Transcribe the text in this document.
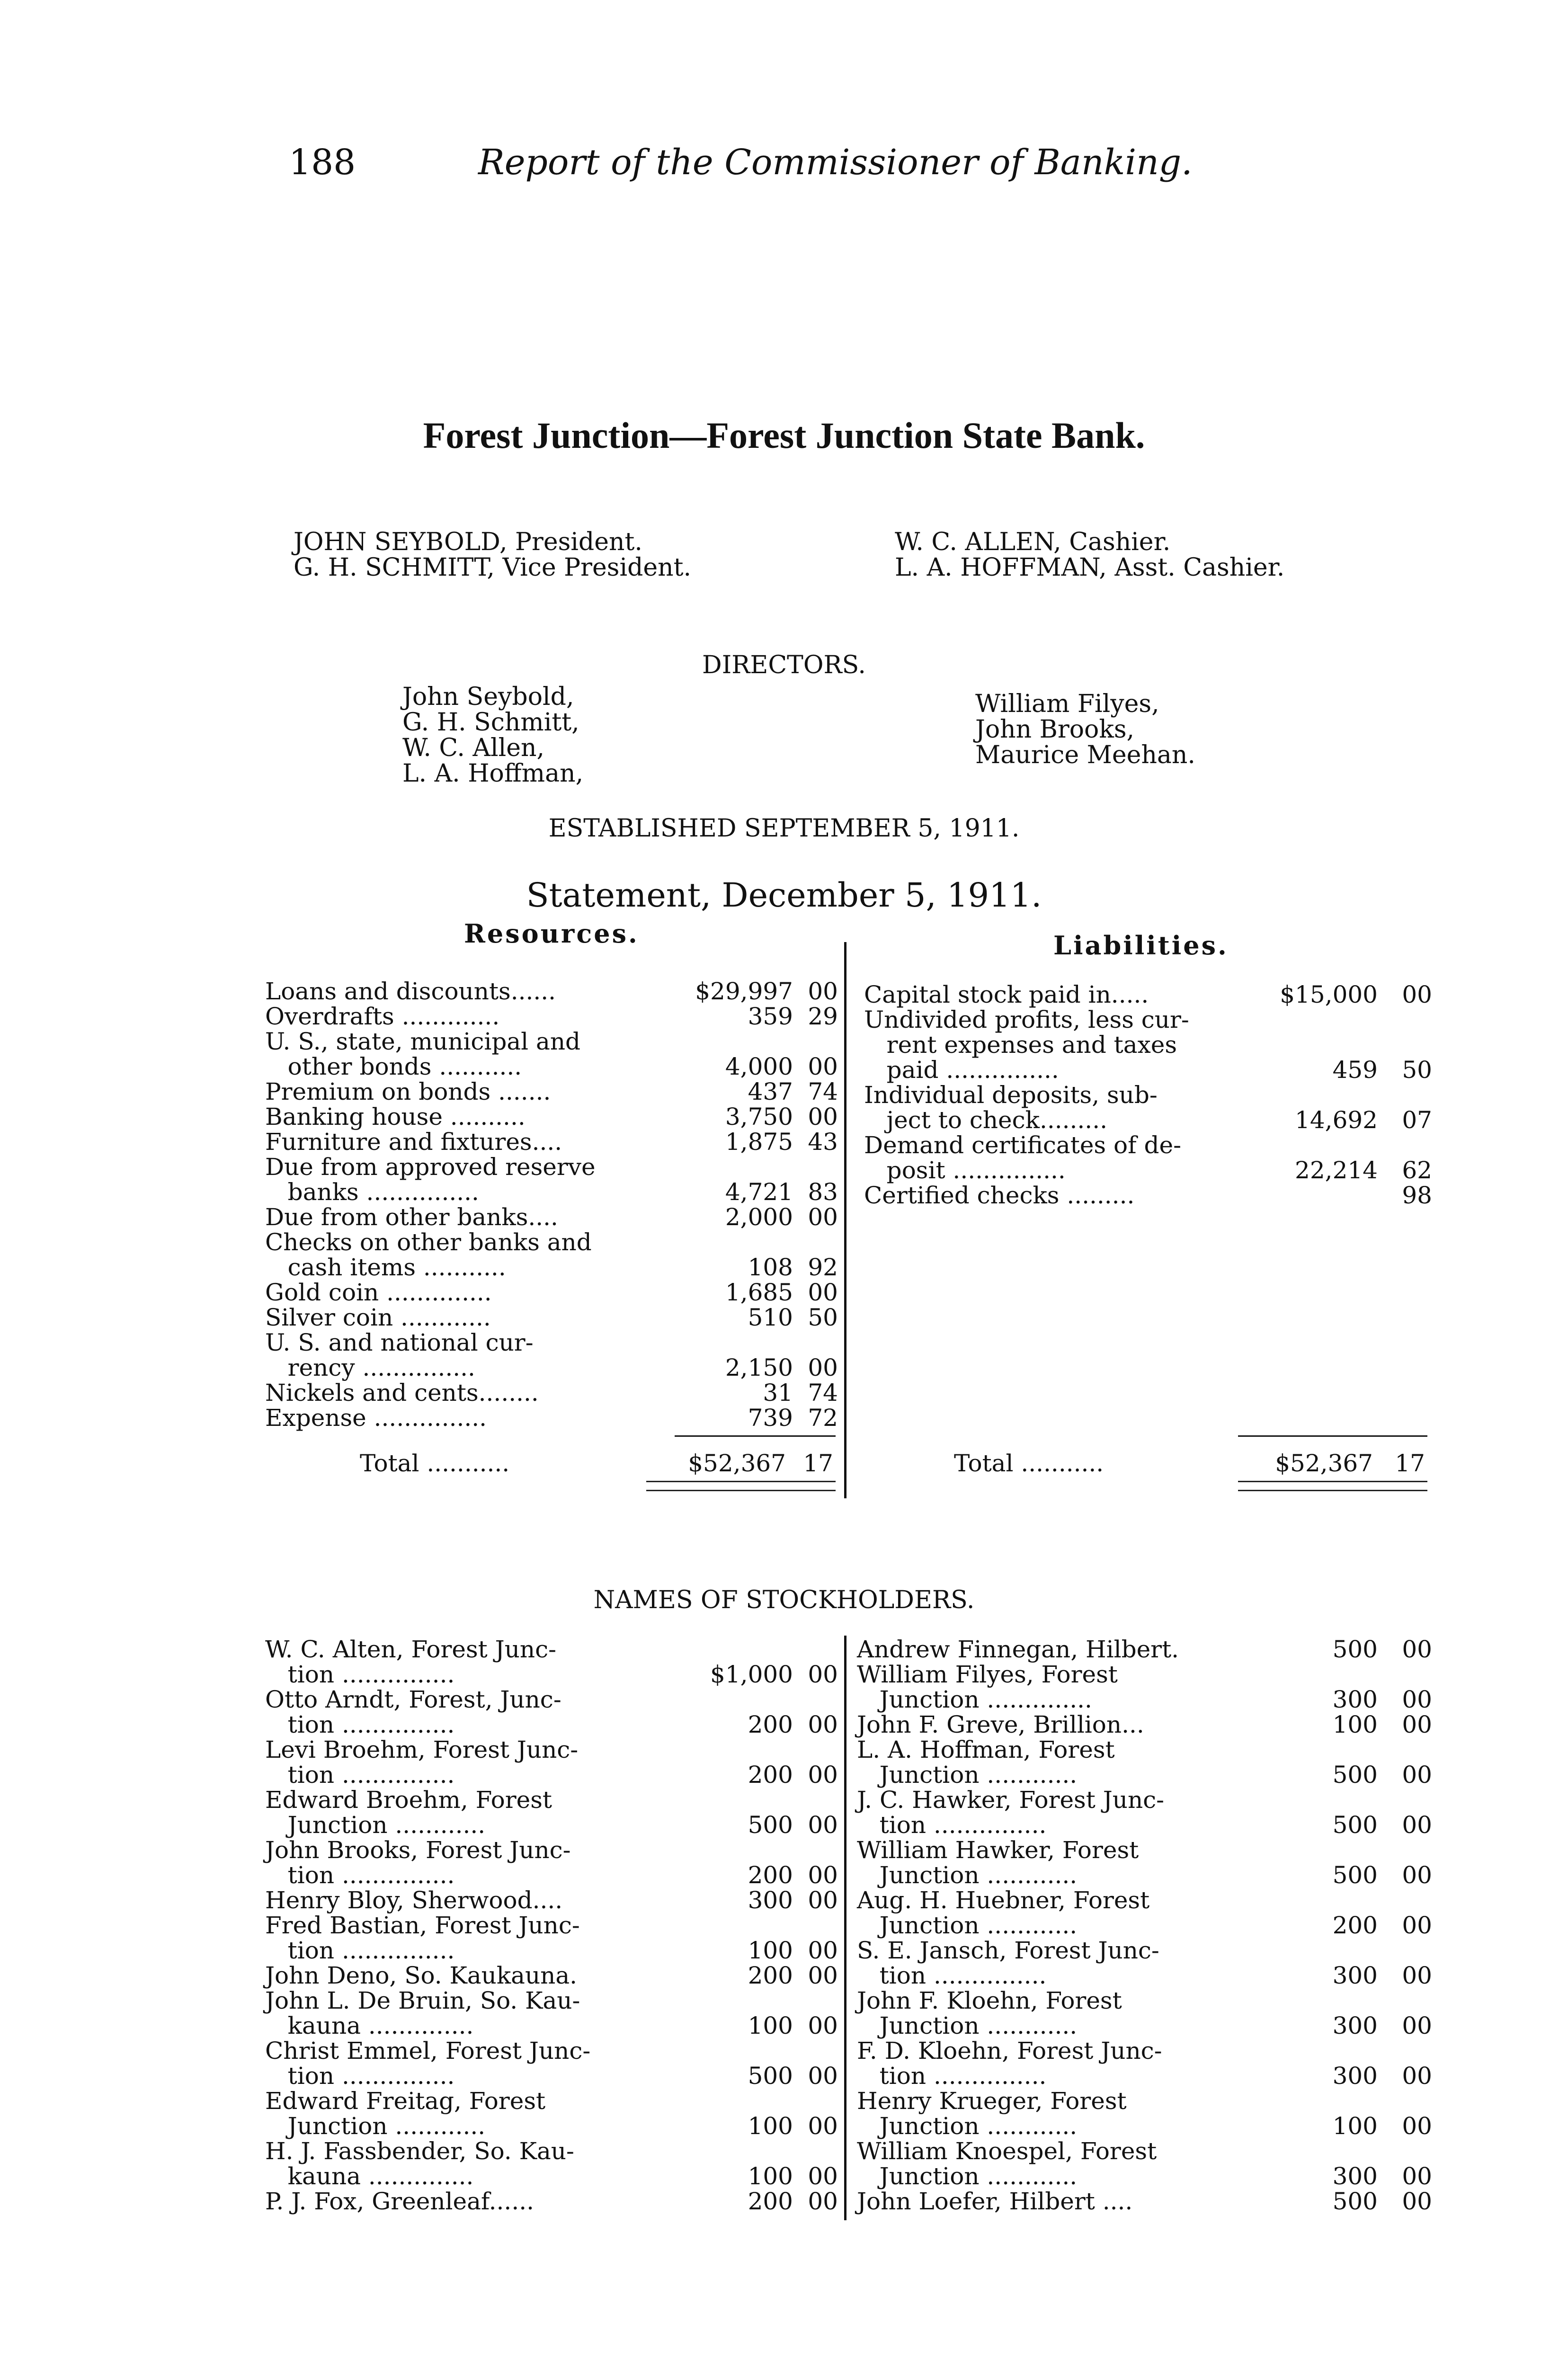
188	Report of the Commissioner of Banking.
Forest Junction—Forest Junction State Bank.
JOHN SEYBOLD, President.
G. H. SCHMITT, Vice President.
W. C. ALLEN, Cashier.
L. A. HOFFMAN, Asst. Cashier.
DIRECTORS.
John Seybold,
G. H. Schmitt,
W. C. Allen,
L. A. Hoffman,
William Filyes,
John Brooks,
Maurice Meehan.
ESTABLISHED SEPTEMBER 5, 1911.
Statement, December 5, 1911.
Resources.	Liabilities.
Loans and discounts......	$29,997 00
Overdrafts .............	359 29
U. S., state, municipal and
other bonds ...........	4,000 00
Premium on bonds .......	437 74
Banking house ..........	3,750 00
Furniture and fixtures....	1,875 43
Due from approved reserve
banks ...............	4,721 83
Due from other banks....	2,000 00
Checks on other banks and
cash items ...........	108 92
Gold coin ..............	1,685 00
Silver coin ............	510 50
U. S. and national cur-
rency ...............	2,150 00
Nickels and cents........	31 74
Expense ...............	739 72
Capital stock paid in.....	$15,000 00
Undivided profits, less cur-
rent expenses and taxes
paid ...............	459 50
Individual deposits, sub-
ject to check.........	14,692 07
Demand certificates of de-
posit ...............	22,214 62
Certified checks .........	98
Total ...........	$52,367 17	Total ...........	$52,367 17
NAMES OF STOCKHOLDERS.
W. C. Alten, Forest Junc-
tion ...............	$1,000 00
Otto Arndt, Forest, Junc-
tion ...............	200 00
Levi Broehm, Forest Junc-
tion ...............	200 00
Edward Broehm, Forest
Junction ............	500 00
John Brooks, Forest Junc-
tion ...............	200 00
Henry Bloy, Sherwood....	300 00
Fred Bastian, Forest Junc-
tion ...............	100 00
John Deno, So. Kaukauna.	200 00
John L. De Bruin, So. Kau-
kauna ..............	100 00
Christ Emmel, Forest Junc-
tion ...............	500 00
Edward Freitag, Forest
Junction ............	100 00
H. J. Fassbender, So. Kau-
kauna ..............	100 00
P. J. Fox, Greenleaf......	200 00
Andrew Finnegan, Hilbert.	500 00
William Filyes, Forest
Junction ..............	300 00
John F. Greve, Brillion...	100 00
L. A. Hoffman, Forest
Junction ............	500 00
J. C. Hawker, Forest Junc-
tion ...............	500 00
William Hawker, Forest
Junction ............	500 00
Aug. H. Huebner, Forest
Junction ............	200 00
S. E. Jansch, Forest Junc-
tion ...............	300 00
John F. Kloehn, Forest
Junction ............	300 00
F. D. Kloehn, Forest Junc-
tion ...............	300 00
Henry Krueger, Forest
Junction ............	100 00
William Knoespel, Forest
Junction ............	300 00
John Loefer, Hilbert ....	500 00
